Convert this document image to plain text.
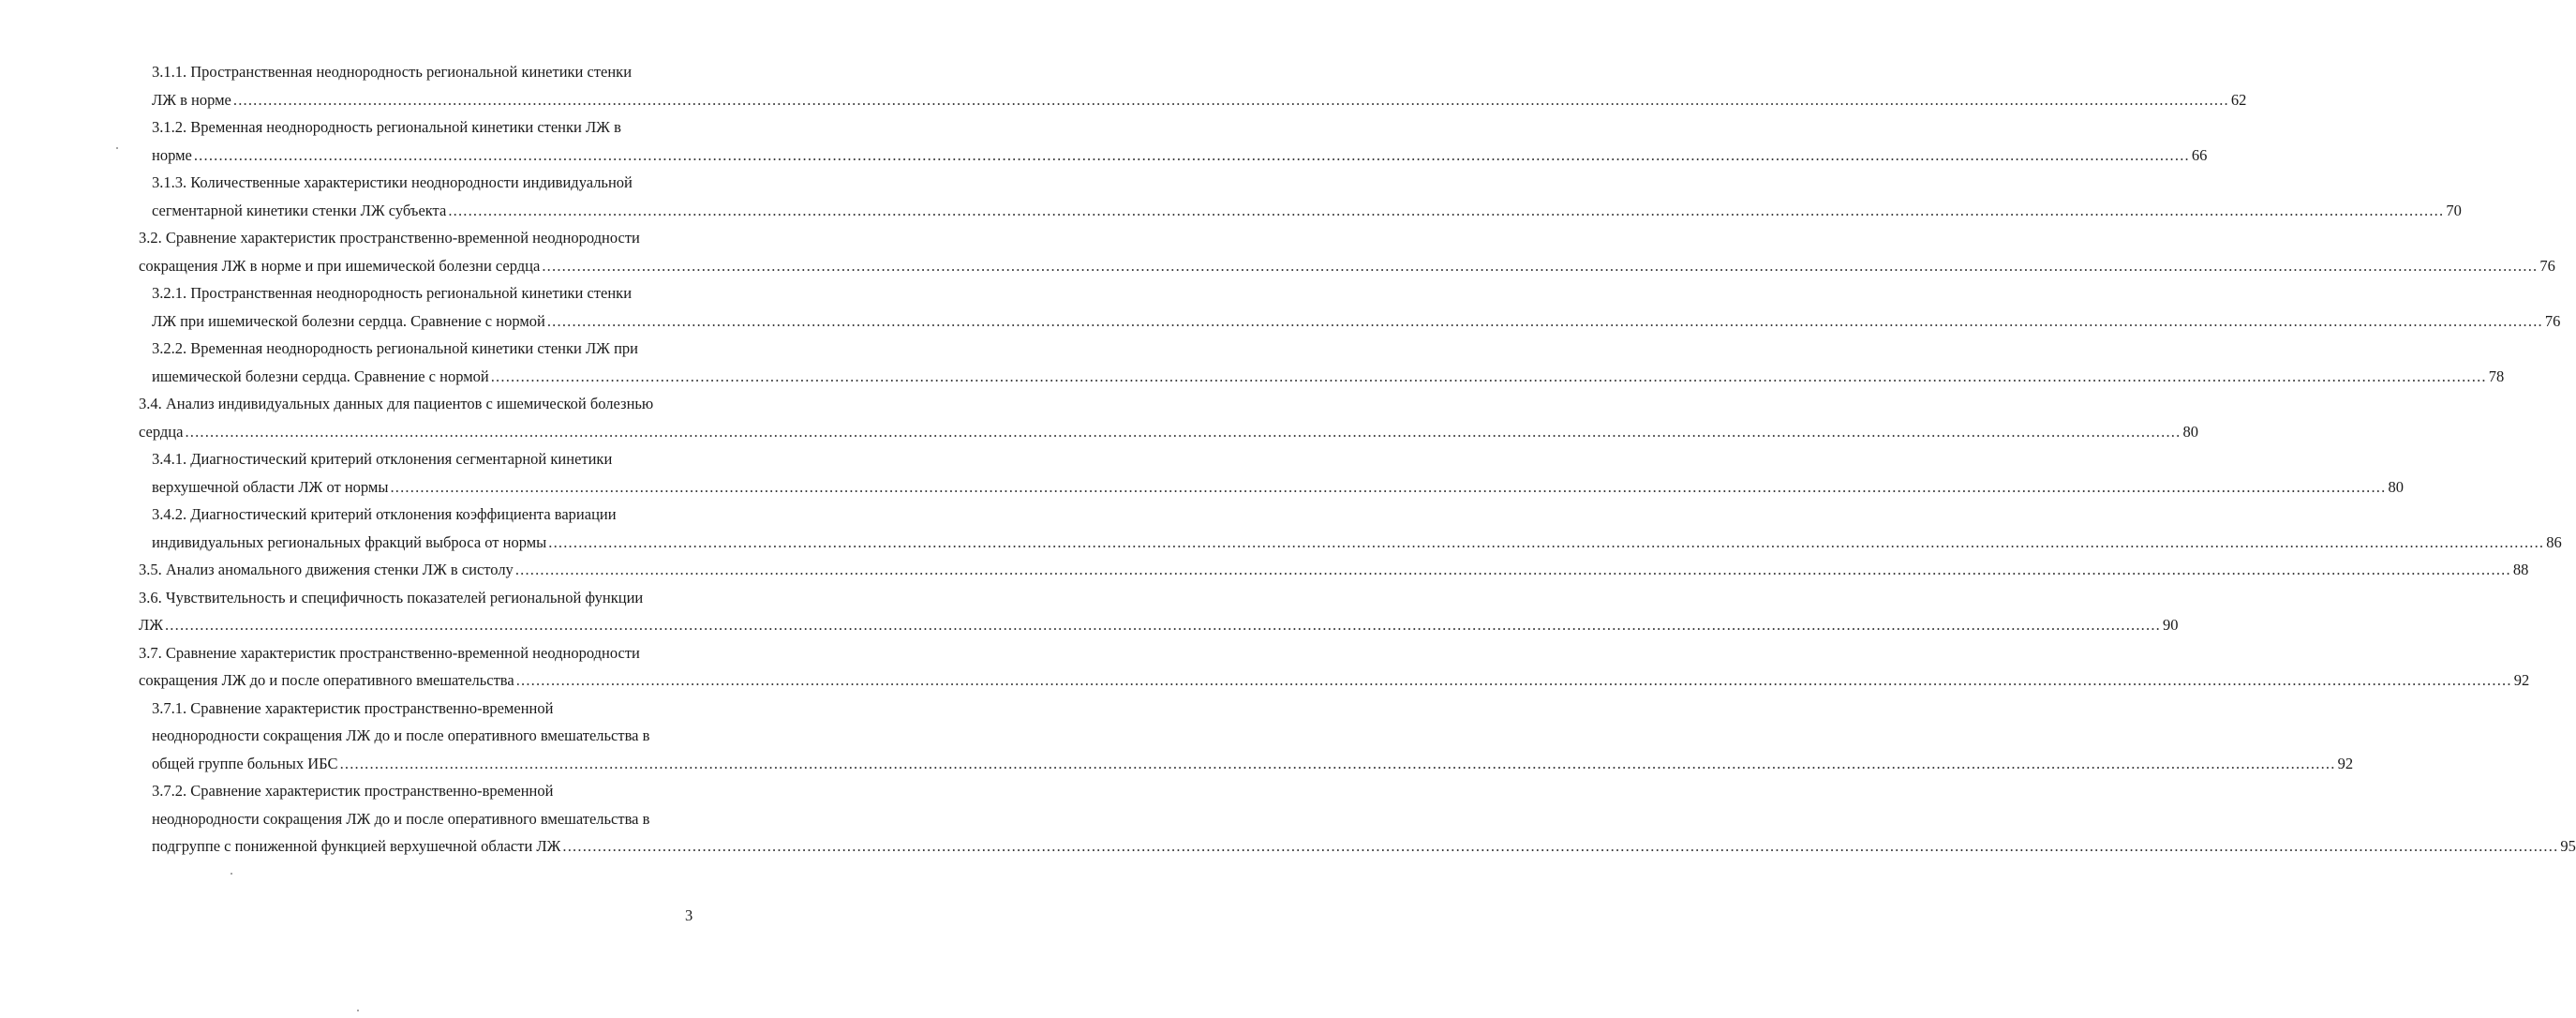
3.1.1. Пространственная неоднородность региональной кинетики стенки
ЛЖ в норме ................................................................................................................................................................................................................................................................................................................................................................................................................ 62
3.1.2. Временная неоднородность региональной кинетики стенки ЛЖ в
норме ................................................................................................................................................................................................................................................................................................................................................................................................................ 66
3.1.3. Количественные характеристики неоднородности индивидуальной
сегментарной кинетики стенки ЛЖ субъекта ................................................................................................................................................................................................................................................................................................................................................................................................................ 70
3.2. Сравнение характеристик пространственно-временной неоднородности
сокращения ЛЖ в норме и при ишемической болезни сердца ................................................................................................................................................................................................................................................................................................................................................................................................................ 76
3.2.1. Пространственная неоднородность региональной кинетики стенки
ЛЖ при ишемической болезни сердца. Сравнение с нормой ................................................................................................................................................................................................................................................................................................................................................................................................................ 76
3.2.2. Временная неоднородность региональной кинетики стенки ЛЖ при
ишемической болезни сердца. Сравнение с нормой ................................................................................................................................................................................................................................................................................................................................................................................................................ 78
3.4. Анализ индивидуальных данных для пациентов с ишемической болезнью
сердца ................................................................................................................................................................................................................................................................................................................................................................................................................ 80
3.4.1. Диагностический критерий отклонения сегментарной кинетики
верхушечной области ЛЖ от нормы ................................................................................................................................................................................................................................................................................................................................................................................................................ 80
3.4.2. Диагностический критерий отклонения коэффициента вариации
индивидуальных региональных фракций выброса от нормы ................................................................................................................................................................................................................................................................................................................................................................................................................ 86
3.5. Анализ аномального движения стенки ЛЖ в систолу ................................................................................................................................................................................................................................................................................................................................................................................................................ 88
3.6. Чувствительность и специфичность показателей региональной функции
ЛЖ ................................................................................................................................................................................................................................................................................................................................................................................................................ 90
3.7. Сравнение характеристик пространственно-временной неоднородности
сокращения ЛЖ до и после оперативного вмешательства ................................................................................................................................................................................................................................................................................................................................................................................................................ 92
3.7.1. Сравнение характеристик пространственно-временной
неоднородности сокращения ЛЖ до и после оперативного вмешательства в
общей группе больных ИБС ................................................................................................................................................................................................................................................................................................................................................................................................................ 92
3.7.2. Сравнение характеристик пространственно-временной
неоднородности сокращения ЛЖ до и после оперативного вмешательства в
подгруппе с пониженной функцией верхушечной области ЛЖ ................................................................................................................................................................................................................................................................................................................................................................................................................ 95
3
